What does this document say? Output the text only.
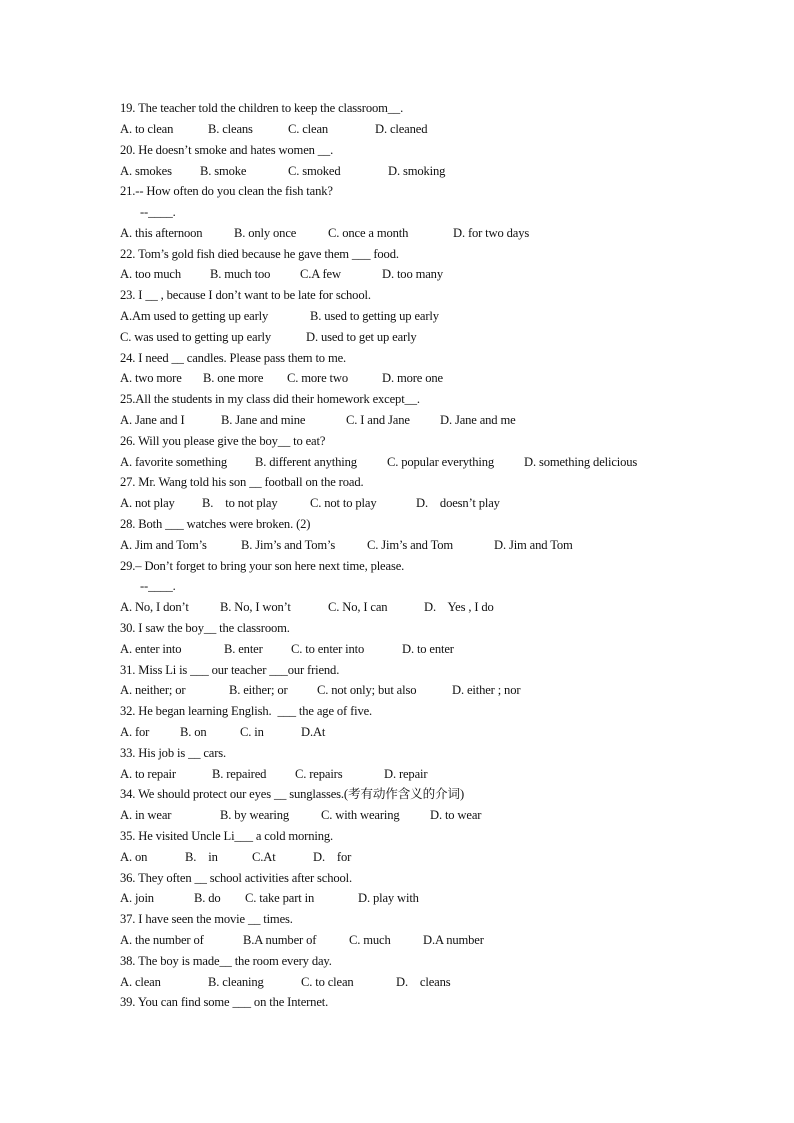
19. The teacher told the children to keep the classroom__.

A. to clean

	B. cleans

	C. clean

	D. cleaned

20. He doesn’t smoke and hates women __.

A. smokes

B. smoke

	C. smoked

	D. smoking

21.-- How often do you clean the fish tank?
--____.

A. this afternoon

	B. only once

	C. once a month

	D. for two days

22. Tom’s gold fish died because he gave them ___ food.

A. too much

B. much too

C.A few

	D. too many

23. I __ , because I don’t want to be late for school.

A.Am used to getting up early

	B. used to getting up early

C. was used to getting up early

	D. used to get up early

24. I need __ candles. Please pass them to me.

A. two more

B. one more

C. more two

	D. more one

25.All the students in my class did their homework except__.

A. Jane and I

	B. Jane and mine

	C. I and Jane

D. Jane and me

26. Will you please give the boy__ to eat?

A. favorite something

B. different anything

C. popular everything

D. something delicious

27. Mr. Wang told his son __ football on the road.

A. not play

B.    to not play

	C. not to play

	D.    doesn’t play

28. Both ___ watches were broken. (2)

A. Jim and Tom’s

	B. Jim’s and Tom’s

	C. Jim’s and Tom

	D. Jim and Tom

29.– Don’t forget to bring your son here next time, please.
--____.

A. No, I don’t

B. No, I won’t

	C. No, I can

	D.    Yes , I do

30. I saw the boy__ the classroom.

A. enter into

	B. enter

C. to enter into

	D. to enter

31. Miss Li is ___ our teacher ___our friend.

A. neither; or

	B. either; or

C. not only; but also

	D. either ; nor

32. He began learning English.  ___ the age of five.

A. for

B. on

	C. in

	D.At

33. His job is __ cars.

A. to repair

	B. repaired

C. repairs

	D. repair

34. We should protect our eyes __ sunglasses.(考有动作含义的介词)

A. in wear

	B. by wearing

	C. with wearing

D. to wear

35. He visited Uncle Li___ a cold morning.

A. on

	B.    in

	C.At

	D.    for

36. They often __ school activities after school.

A. join

	B. do

C. take part in

	D. play with

37. I have seen the movie __ times.

A. the number of

	B.A number of

	C. much

	D.A number

38. The boy is made__ the room every day.

A. clean

	B. cleaning

	C. to clean

	D.    cleans

39. You can find some ___ on the Internet.
